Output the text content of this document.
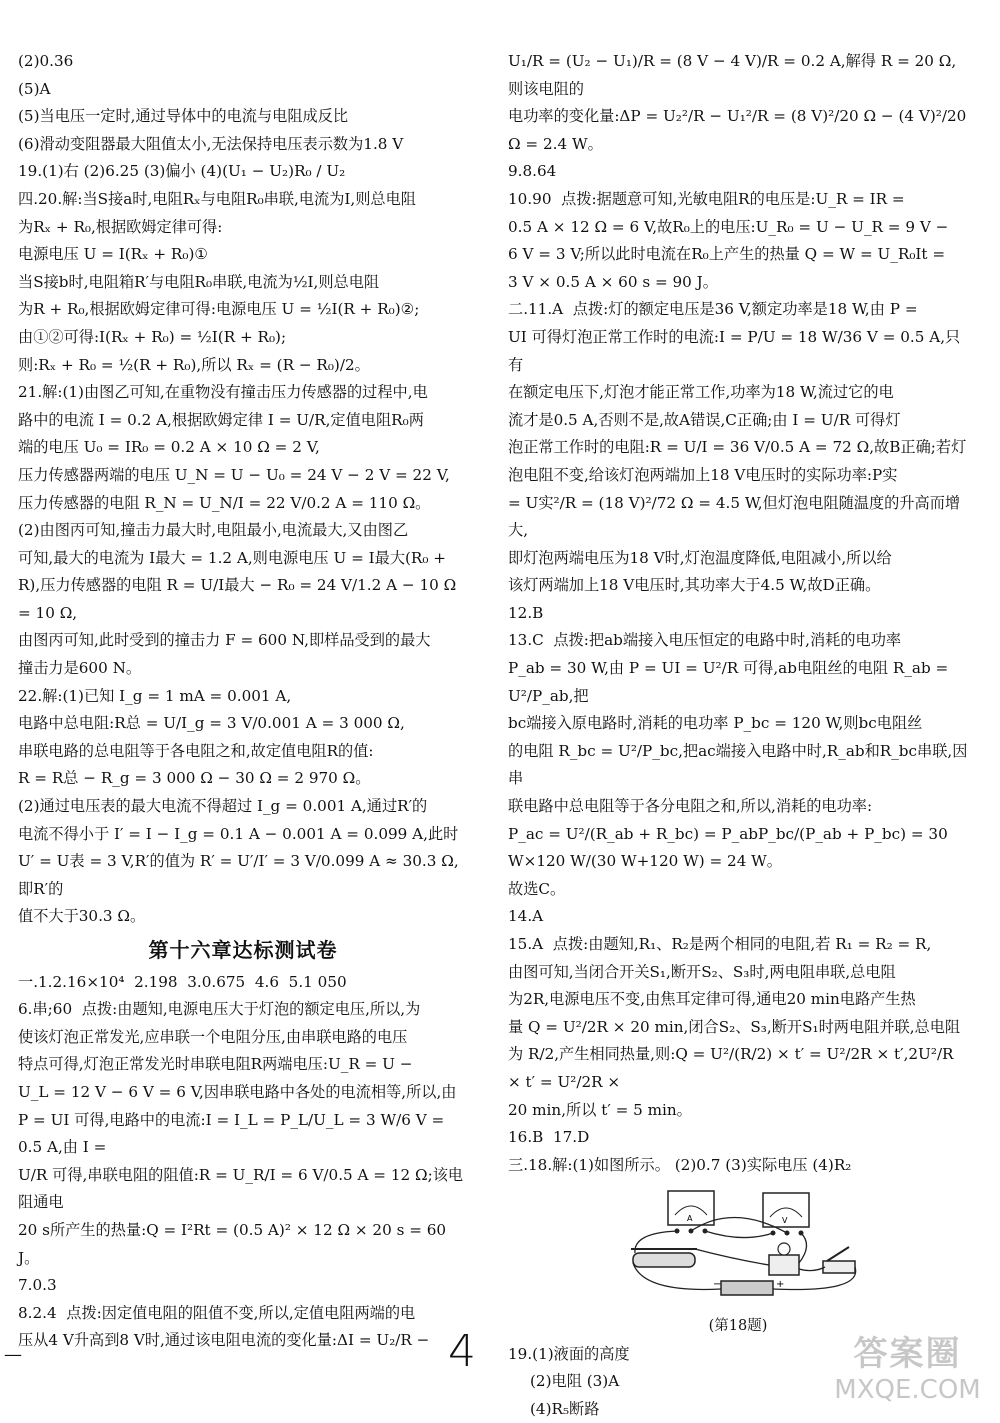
(2)0.36
(5)A
(5)当电压一定时,通过导体中的电流与电阻成反比
(6)滑动变阻器最大阻值太小,无法保持电压表示数为1.8 V
19.(1)右 (2)6.25 (3)偏小 (4)(U₁ − U₂)R₀ / U₂
四.20.解:当S接a时,电阻Rₓ与电阻R₀串联,电流为I,则总电阻
为Rₓ + R₀,根据欧姆定律可得:
电源电压 U = I(Rₓ + R₀)①
当S接b时,电阻箱R′与电阻R₀串联,电流为½I,则总电阻
为R + R₀,根据欧姆定律可得:电源电压 U = ½I(R + R₀)②;
由①②可得:I(Rₓ + R₀) = ½I(R + R₀);
则:Rₓ + R₀ = ½(R + R₀),所以 Rₓ = (R − R₀)/2。
21.解:(1)由图乙可知,在重物没有撞击压力传感器的过程中,电
路中的电流 I = 0.2 A,根据欧姆定律 I = U/R,定值电阻R₀两
端的电压 U₀ = IR₀ = 0.2 A × 10 Ω = 2 V,
压力传感器两端的电压 U_N = U − U₀ = 24 V − 2 V = 22 V,
压力传感器的电阻 R_N = U_N/I = 22 V/0.2 A = 110 Ω。
(2)由图丙可知,撞击力最大时,电阻最小,电流最大,又由图乙
可知,最大的电流为 I最大 = 1.2 A,则电源电压 U = I最大(R₀ +
R),压力传感器的电阻 R = U/I最大 − R₀ = 24 V/1.2 A − 10 Ω = 10 Ω,
由图丙可知,此时受到的撞击力 F = 600 N,即样品受到的最大
撞击力是600 N。
22.解:(1)已知 I_g = 1 mA = 0.001 A,
电路中总电阻:R总 = U/I_g = 3 V/0.001 A = 3 000 Ω,
串联电路的总电阻等于各电阻之和,故定值电阻R的值:
R = R总 − R_g = 3 000 Ω − 30 Ω = 2 970 Ω。
(2)通过电压表的最大电流不得超过 I_g = 0.001 A,通过R′的
电流不得小于 I′ = I − I_g = 0.1 A − 0.001 A = 0.099 A,此时
U′ = U表 = 3 V,R′的值为 R′ = U′/I′ = 3 V/0.099 A ≈ 30.3 Ω,即R′的
值不大于30.3 Ω。
第十六章达标测试卷
一.1.2.16×10⁴  2.198  3.0.675  4.6  5.1 050
6.串;60  点拨:由题知,电源电压大于灯泡的额定电压,所以,为
使该灯泡正常发光,应串联一个电阻分压,由串联电路的电压
特点可得,灯泡正常发光时串联电阻R两端电压:U_R = U −
U_L = 12 V − 6 V = 6 V,因串联电路中各处的电流相等,所以,由
P = UI 可得,电路中的电流:I = I_L = P_L/U_L = 3 W/6 V = 0.5 A,由 I =
U/R 可得,串联电阻的阻值:R = U_R/I = 6 V/0.5 A = 12 Ω;该电阻通电
20 s所产生的热量:Q = I²Rt = (0.5 A)² × 12 Ω × 20 s = 60 J。
7.0.3
8.2.4  点拨:因定值电阻的阻值不变,所以,定值电阻两端的电
压从4 V升高到8 V时,通过该电阻电流的变化量:ΔI = U₂/R −
U₁/R = (U₂ − U₁)/R = (8 V − 4 V)/R = 0.2 A,解得 R = 20 Ω,则该电阻的
电功率的变化量:ΔP = U₂²/R − U₁²/R = (8 V)²/20 Ω − (4 V)²/20 Ω = 2.4 W。
9.8.64
10.90  点拨:据题意可知,光敏电阻R的电压是:U_R = IR =
0.5 A × 12 Ω = 6 V,故R₀上的电压:U_R₀ = U − U_R = 9 V −
6 V = 3 V;所以此时电流在R₀上产生的热量 Q = W = U_R₀It =
3 V × 0.5 A × 60 s = 90 J。
二.11.A  点拨:灯的额定电压是36 V,额定功率是18 W,由 P =
UI 可得灯泡正常工作时的电流:I = P/U = 18 W/36 V = 0.5 A,只有
在额定电压下,灯泡才能正常工作,功率为18 W,流过它的电
流才是0.5 A,否则不是,故A错误,C正确;由 I = U/R 可得灯
泡正常工作时的电阻:R = U/I = 36 V/0.5 A = 72 Ω,故B正确;若灯
泡电阻不变,给该灯泡两端加上18 V电压时的实际功率:P实
= U实²/R = (18 V)²/72 Ω = 4.5 W,但灯泡电阻随温度的升高而增大,
即灯泡两端电压为18 V时,灯泡温度降低,电阻减小,所以给
该灯两端加上18 V电压时,其功率大于4.5 W,故D正确。
12.B
13.C  点拨:把ab端接入电压恒定的电路中时,消耗的电功率
P_ab = 30 W,由 P = UI = U²/R 可得,ab电阻丝的电阻 R_ab = U²/P_ab,把
bc端接入原电路时,消耗的电功率 P_bc = 120 W,则bc电阻丝
的电阻 R_bc = U²/P_bc,把ac端接入电路中时,R_ab和R_bc串联,因串
联电路中总电阻等于各分电阻之和,所以,消耗的电功率:
P_ac = U²/(R_ab + R_bc) = P_abP_bc/(P_ab + P_bc) = 30 W×120 W/(30 W+120 W) = 24 W。
故选C。
14.A
15.A  点拨:由题知,R₁、R₂是两个相同的电阻,若 R₁ = R₂ = R,
由图可知,当闭合开关S₁,断开S₂、S₃时,两电阻串联,总电阻
为2R,电源电压不变,由焦耳定律可得,通电20 min电路产生热
量 Q = U²/2R × 20 min,闭合S₂、S₃,断开S₁时两电阻并联,总电阻
为 R/2,产生相同热量,则:Q = U²/(R/2) × t′ = U²/2R × t′,2U²/R × t′ = U²/2R ×
20 min,所以 t′ = 5 min。
16.B  17.D
三.18.解:(1)如图所示。 (2)0.7 (3)实际电压 (4)R₂
A	V
−	+
(第18题)
19.(1)液面的高度
(2)电阻 (3)A
(4)R₅断路
—	4	答案圈
MXQE.COM
